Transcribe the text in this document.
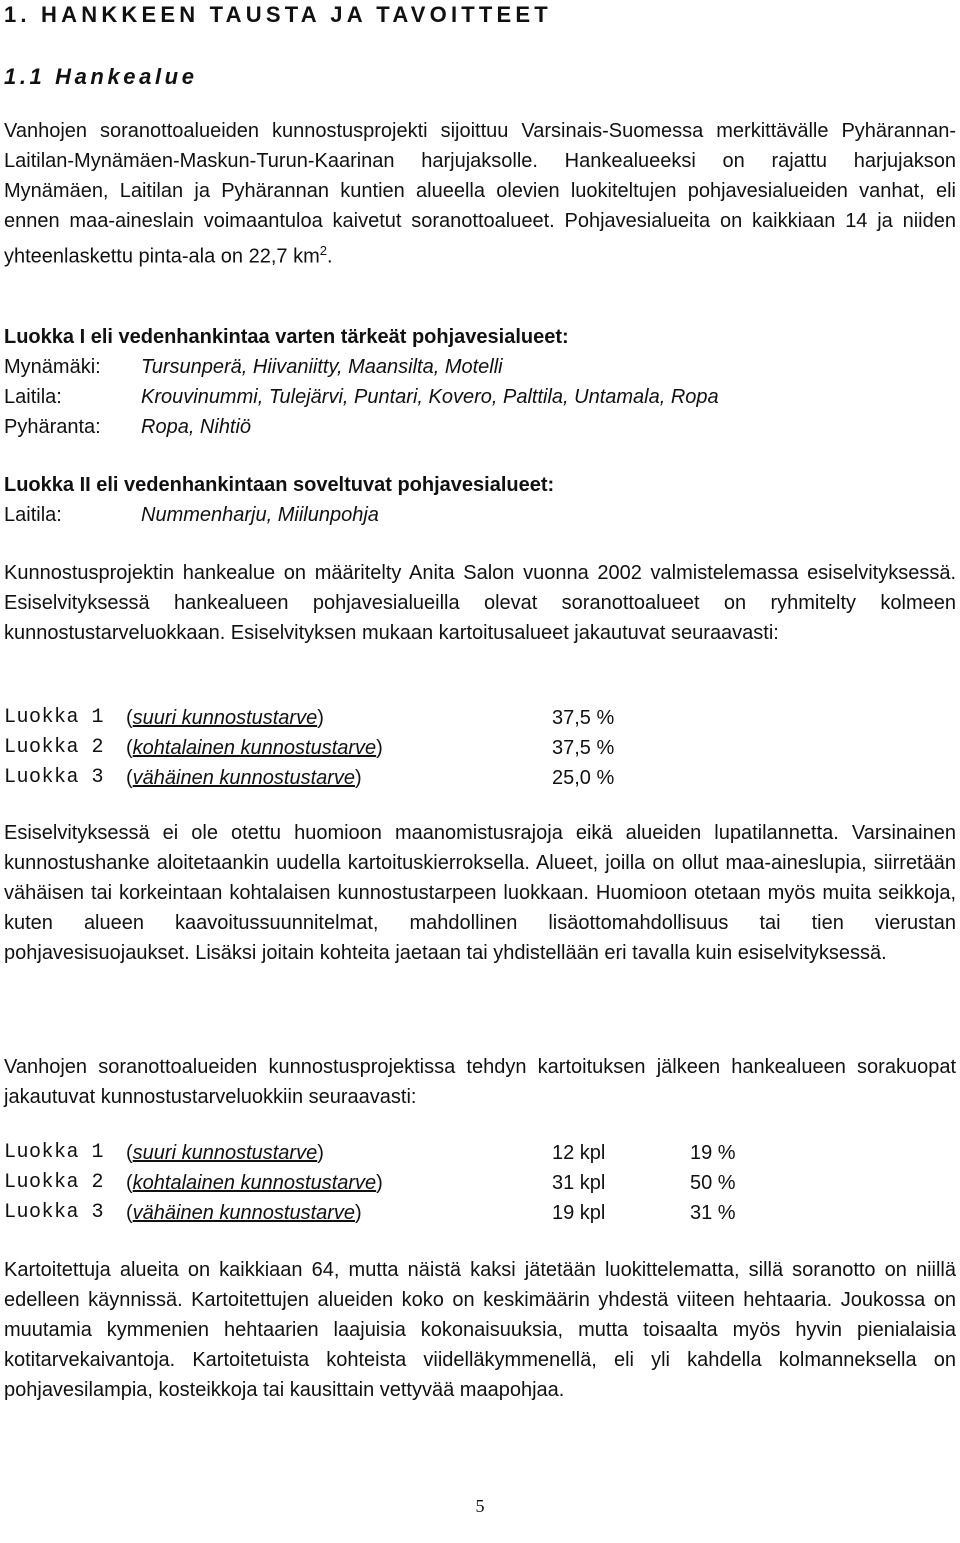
1. HANKKEEN TAUSTA JA TAVOITTEET
1.1 Hankealue
Vanhojen soranottoalueiden kunnostusprojekti sijoittuu Varsinais-Suomessa merkittävälle Pyhärannan-Laitilan-Mynämäen-Maskun-Turun-Kaarinan harjujaksolle. Hankealueeksi on rajattu harjujakson Mynämäen, Laitilan ja Pyhärannan kuntien alueella olevien luokiteltujen pohjavesialueiden vanhat, eli ennen maa-aineslain voimaantuloa kaivetut soranottoalueet. Pohjavesialueita on kaikkiaan 14 ja niiden yhteenlaskettu pinta-ala on 22,7 $km^2$.
Luokka I eli vedenhankintaa varten tärkeät pohjavesialueet:
Mynämäki: Tursunperä, Hiivaniitty, Maansilta, Motelli
Laitila:	Krouvinummi, Tulejärvi, Puntari, Kovero, Palttila, Untamala, Ropa
Pyhäranta: Ropa, Nihtiö
Luokka II eli vedenhankintaan soveltuvat pohjavesialueet:
Laitila:	Nummenharju, Miilunpohja
Kunnostusprojektin hankealue on määritelty Anita Salon vuonna 2002 valmistelemassa esiselvityksessä. Esiselvityksessä hankealueen pohjavesialueilla olevat soranottoalueet on ryhmitelty kolmeen kunnostustarveluokkaan. Esiselvityksen mukaan kartoitusalueet jakautuvat seuraavasti:
Luokka 1 (suuri kunnostustarve)	37,5 %
Luokka 2 (kohtalainen kunnostustarve)	37,5 %
Luokka 3 (vähäinen kunnostustarve)	25,0 %
Esiselvityksessä ei ole otettu huomioon maanomistusrajoja eikä alueiden lupatilannetta. Varsinainen kunnostushanke aloitetaankin uudella kartoituskierroksella. Alueet, joilla on ollut maa-aineslupia, siirretään vähäisen tai korkeintaan kohtalaisen kunnostustarpeen luokkaan. Huomioon otetaan myös muita seikkoja, kuten alueen kaavoitussuunnitelmat, mahdollinen lisäottomahdollisuus tai tien vierustan pohjavesisuojaukset. Lisäksi joitain kohteita jaetaan tai yhdistellään eri tavalla kuin esiselvityksessä.
Vanhojen soranottoalueiden kunnostusprojektissa tehdyn kartoituksen jälkeen hankealueen sorakuopat jakautuvat kunnostustarveluokkiin seuraavasti:
Luokka 1 (suuri kunnostustarve)	12 kpl	19 %
Luokka 2 (kohtalainen kunnostustarve)	31 kpl	50 %
Luokka 3 (vähäinen kunnostustarve)	19 kpl	31 %
Kartoitettuja alueita on kaikkiaan 64, mutta näistä kaksi jätetään luokittelematta, sillä soranotto on niillä edelleen käynnissä. Kartoitettujen alueiden koko on keskimäärin yhdestä viiteen hehtaaria. Joukossa on muutamia kymmenien hehtaarien laajuisia kokonaisuuksia, mutta toisaalta myös hyvin pienialaisia kotitarvekaivantoja. Kartoitetuista kohteista viidelläkymmenellä, eli yli kahdella kolmanneksella on pohjavesilampia, kosteikkoja tai kausittain vettyvää maapohjaa.
5
